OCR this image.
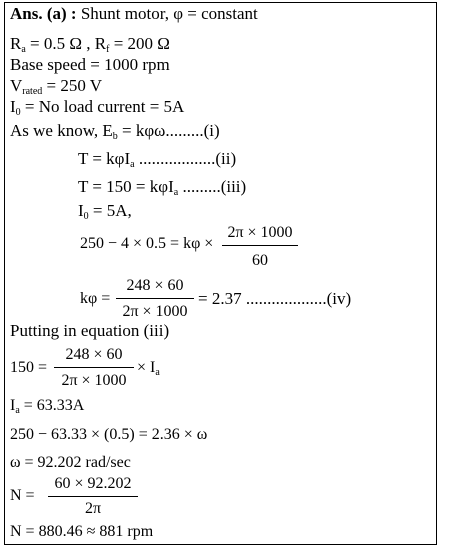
Ans. (a) : Shunt motor, φ = constant
$R_a = 0.5$ Ω , $R_f = 200$ Ω
Base speed = 1000 rpm
$V_{rated} = 250$ V
$I_0 = No$ load current = 5A
As we know, $E_b = k\varphi\omega.........(i)$
T = kφI$_a$ ..................(ii)
T = 150 = kφI$_a$ .........(iii)
$I_0 = 5A$,
250 − 4 × 0.5 = kφ ×
2π × 1000
60
kφ =
248 × 60
2π × 1000
= 2.37 ...................(iv)
Putting in equation (iii)
150 =
248 × 60
2π × 1000
× $I_a$
$I_a = 63.33A$
250 − 63.33 × (0.5) = 2.36 × ω
ω = 92.202 rad/sec
N =
60 × 92.202
2π
N = 880.46 ≈ 881 rpm
